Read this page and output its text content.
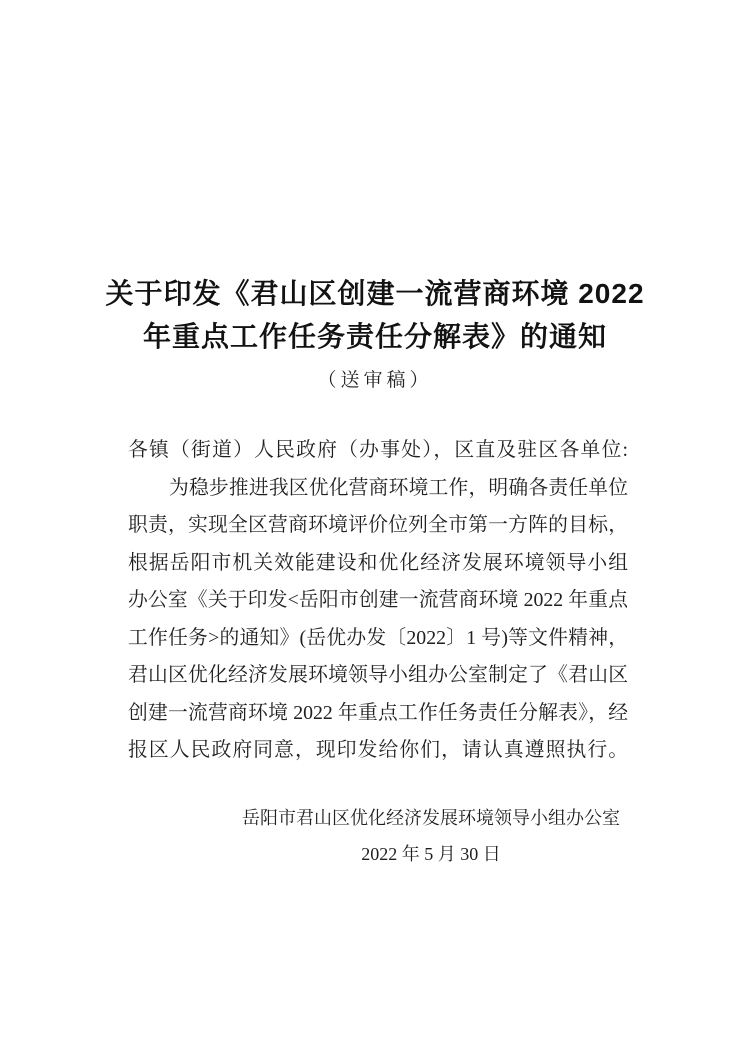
关于印发《君山区创建一流营商环境 2022
年重点工作任务责任分解表》的通知
（送审稿）
各镇（街道）人民政府（办事处），区直及驻区各单位:
为稳步推进我区优化营商环境工作，明确各责任单位
职责，实现全区营商环境评价位列全市第一方阵的目标，
根据岳阳市机关效能建设和优化经济发展环境领导小组
办公室《关于印发<岳阳市创建一流营商环境 2022 年重点
工作任务>的通知》(岳优办发〔2022〕1 号)等文件精神，
君山区优化经济发展环境领导小组办公室制定了《君山区
创建一流营商环境 2022 年重点工作任务责任分解表》，经
报区人民政府同意，现印发给你们，请认真遵照执行。
岳阳市君山区优化经济发展环境领导小组办公室
2022 年 5 月 30 日
